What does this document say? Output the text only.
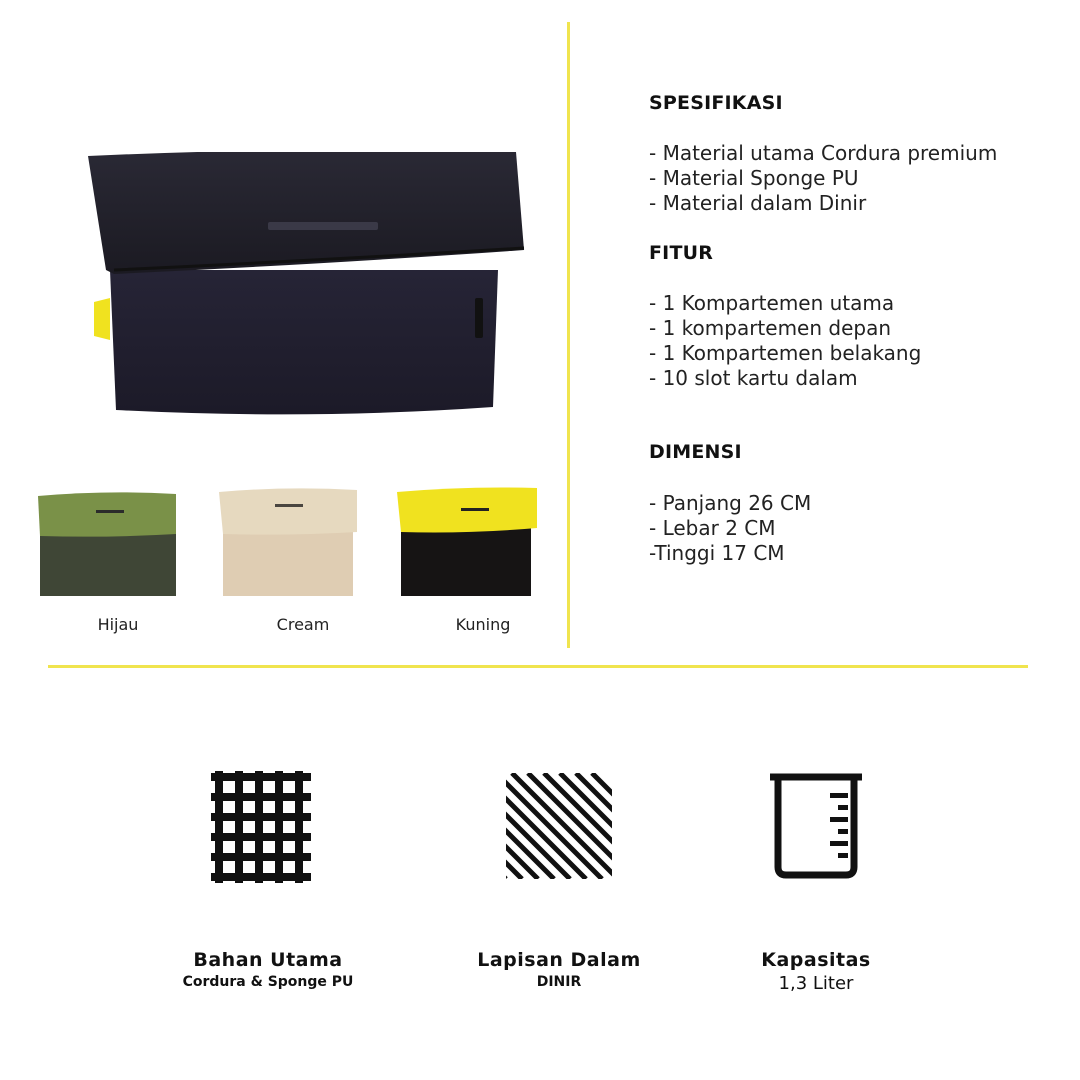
Hijau	Cream	Kuning
SPESIFIKASI
- Material utama Cordura premium
- Material Sponge PU
- Material dalam Dinir
FITUR
- 1 Kompartemen utama
- 1 kompartemen depan
- 1 Kompartemen belakang
- 10 slot kartu dalam
DIMENSI
- Panjang 26 CM
- Lebar 2 CM
-Tinggi 17 CM
Bahan Utama
Cordura & Sponge PU
Lapisan Dalam
DINIR
Kapasitas
1,3 Liter
